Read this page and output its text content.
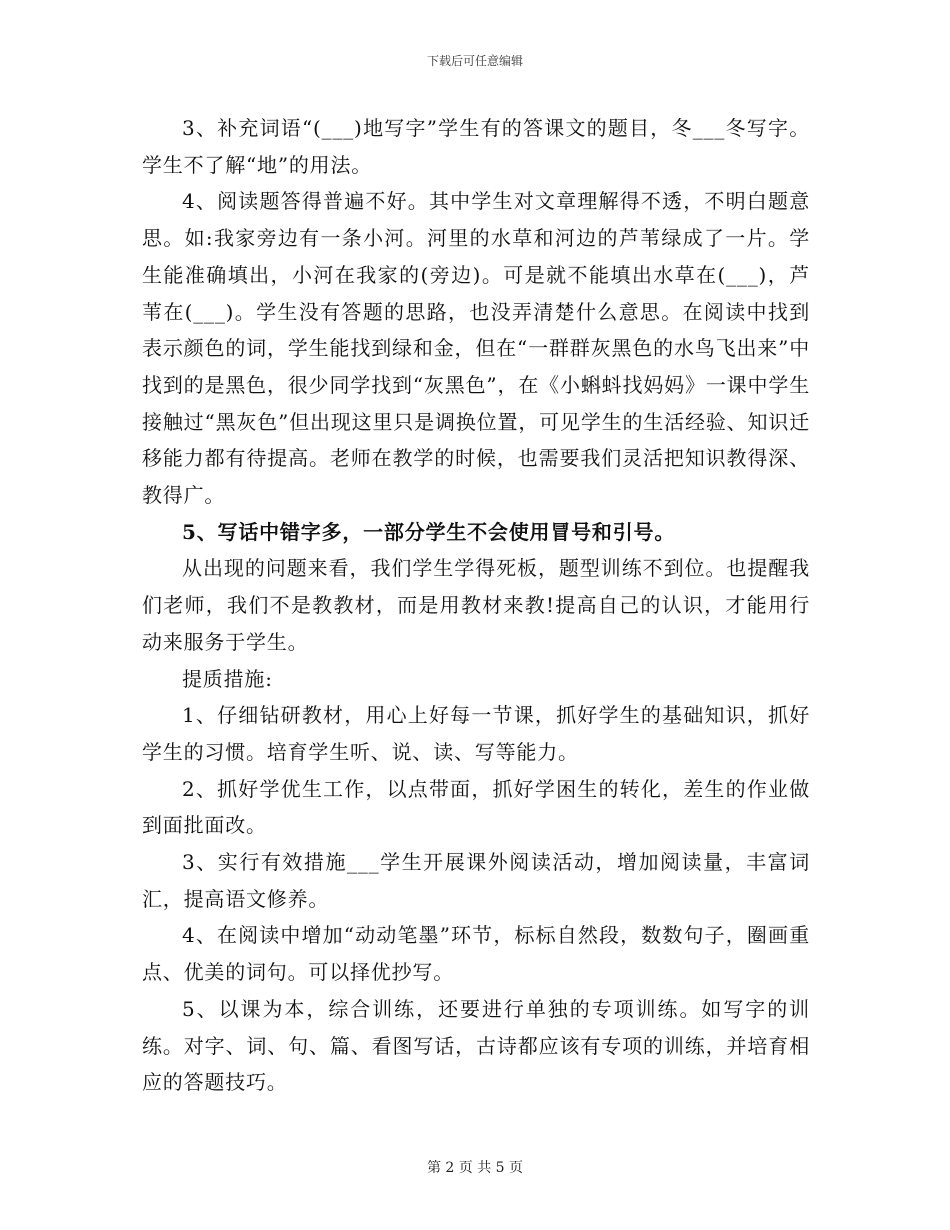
下载后可任意编辑

3、补充词语“(___)地写字”学生有的答课文的题目，冬___冬写字。学生不了解“地”的用法。

4、阅读题答得普遍不好。其中学生对文章理解得不透，不明白题意思。如:我家旁边有一条小河。河里的水草和河边的芦苇绿成了一片。学生能准确填出，小河在我家的(旁边)。可是就不能填出水草在(___)，芦苇在(___)。学生没有答题的思路，也没弄清楚什么意思。在阅读中找到表示颜色的词，学生能找到绿和金，但在“一群群灰黑色的水鸟飞出来”中找到的是黑色，很少同学找到“灰黑色”，在《小蝌蚪找妈妈》一课中学生接触过“黑灰色”但出现这里只是调换位置，可见学生的生活经验、知识迁移能力都有待提高。老师在教学的时候，也需要我们灵活把知识教得深、教得广。

5、写话中错字多，一部分学生不会使用冒号和引号。

从出现的问题来看，我们学生学得死板，题型训练不到位。也提醒我们老师，我们不是教教材，而是用教材来教!提高自己的认识，才能用行动来服务于学生。

提质措施:

1、仔细钻研教材，用心上好每一节课，抓好学生的基础知识，抓好学生的习惯。培育学生听、说、读、写等能力。

2、抓好学优生工作，以点带面，抓好学困生的转化，差生的作业做到面批面改。

3、实行有效措施___学生开展课外阅读活动，增加阅读量，丰富词汇，提高语文修养。

4、在阅读中增加“动动笔墨”环节，标标自然段，数数句子，圈画重点、优美的词句。可以择优抄写。

5、以课为本，综合训练，还要进行单独的专项训练。如写字的训练。对字、词、句、篇、看图写话，古诗都应该有专项的训练，并培育相应的答题技巧。

第 2 页 共 5 页
